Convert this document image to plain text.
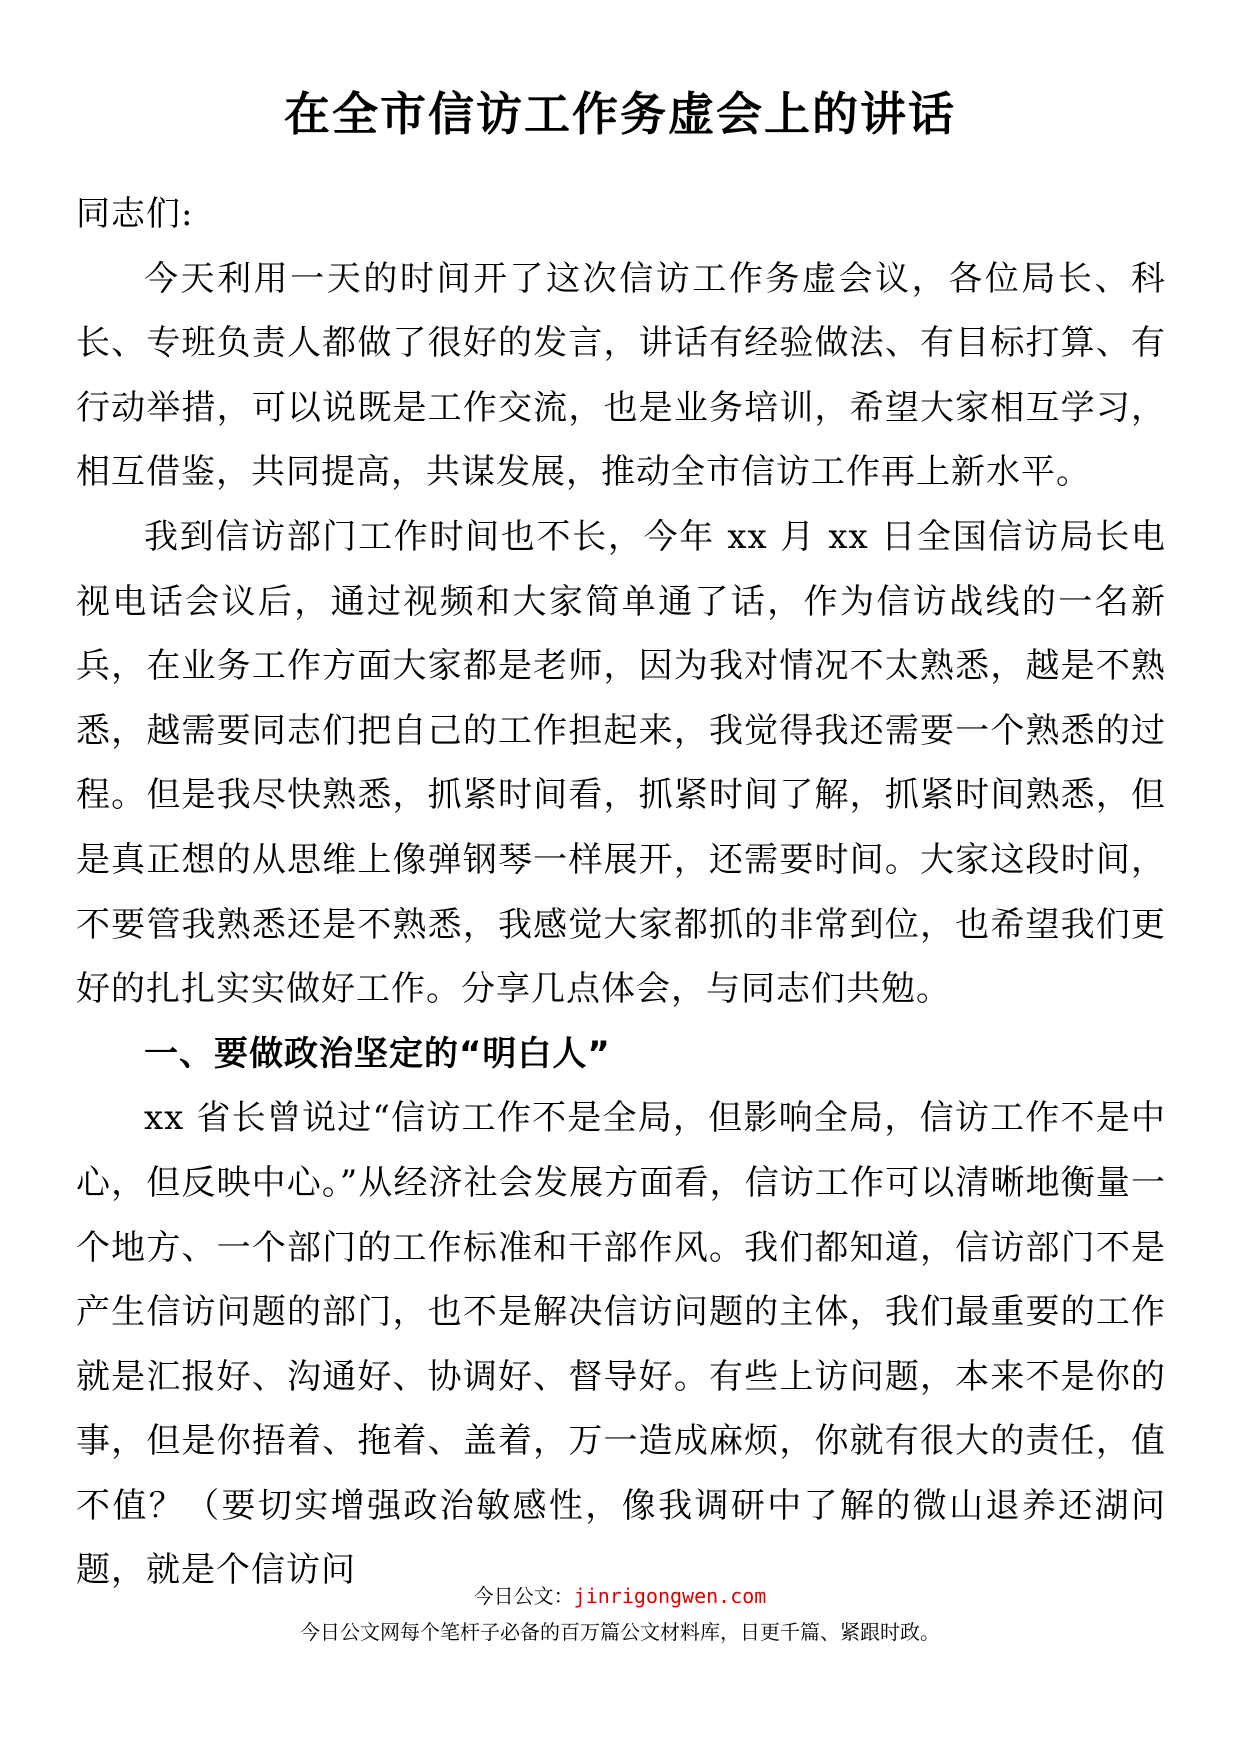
在全市信访工作务虚会上的讲话

同志们:

今天利用一天的时间开了这次信访工作务虚会议，各位局长、科长、专班负责人都做了很好的发言，讲话有经验做法、有目标打算、有行动举措，可以说既是工作交流，也是业务培训，希望大家相互学习，相互借鉴，共同提高，共谋发展，推动全市信访工作再上新水平。

我到信访部门工作时间也不长，今年 xx 月 xx 日全国信访局长电视电话会议后，通过视频和大家简单通了话，作为信访战线的一名新兵，在业务工作方面大家都是老师，因为我对情况不太熟悉，越是不熟悉，越需要同志们把自己的工作担起来，我觉得我还需要一个熟悉的过程。但是我尽快熟悉，抓紧时间看，抓紧时间了解，抓紧时间熟悉，但是真正想的从思维上像弹钢琴一样展开，还需要时间。大家这段时间，不要管我熟悉还是不熟悉，我感觉大家都抓的非常到位，也希望我们更好的扎扎实实做好工作。分享几点体会，与同志们共勉。

一、要做政治坚定的“明白人”

xx 省长曾说过“信访工作不是全局，但影响全局，信访工作不是中心，但反映中心。”从经济社会发展方面看，信访工作可以清晰地衡量一个地方、一个部门的工作标准和干部作风。我们都知道，信访部门不是产生信访问题的部门，也不是解决信访问题的主体，我们最重要的工作就是汇报好、沟通好、协调好、督导好。有些上访问题，本来不是你的事，但是你捂着、拖着、盖着，万一造成麻烦，你就有很大的责任，值不值？（要切实增强政治敏感性，像我调研中了解的微山退养还湖问题，就是个信访问

今日公文：jinrigongwen.com
今日公文网每个笔杆子必备的百万篇公文材料库，日更千篇、紧跟时政。
